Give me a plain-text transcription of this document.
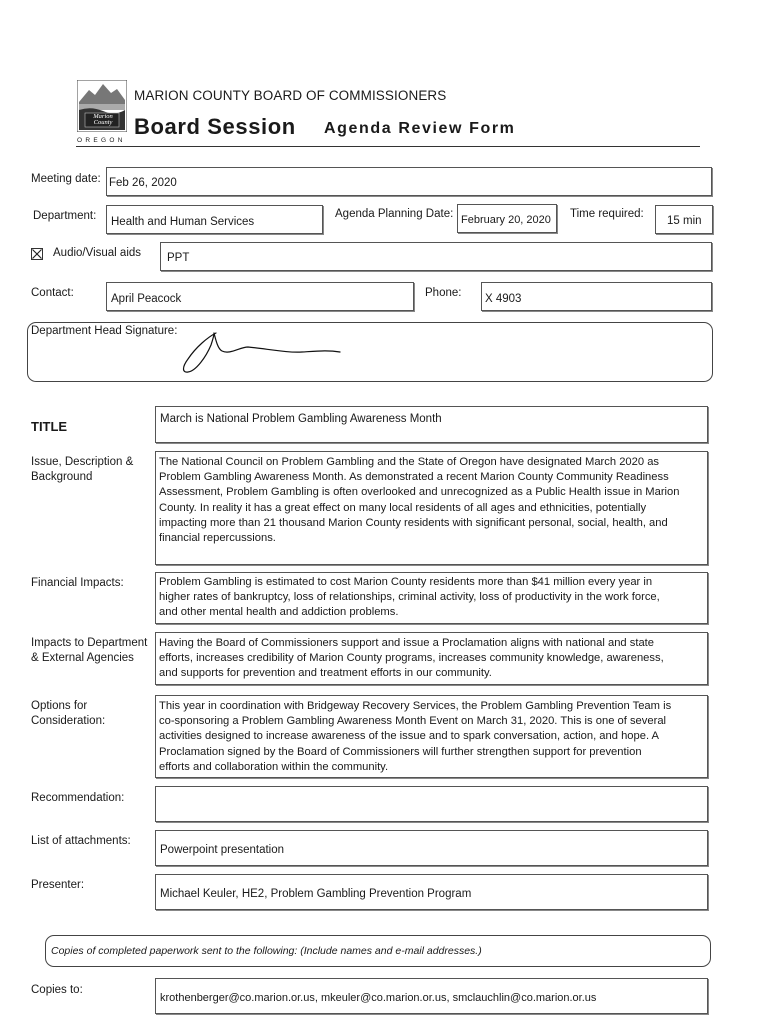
Marion County
OREGON
MARION COUNTY BOARD OF COMMISSIONERS
Board Session Agenda Review Form
Meeting date: Feb 26, 2020
Department: Health and Human Services
Agenda Planning Date: February 20, 2020 Time required:
15 min
Audio/Visual aids PPT
Contact:	April Peacock	Phone: X 4903
Department Head Signature:
TITLE	March is National Problem Gambling Awareness Month
Issue, Description &
Background
The National Council on Problem Gambling and the State of Oregon have designated March 2020 as
Problem Gambling Awareness Month. As demonstrated a recent Marion County Community Readiness
Assessment, Problem Gambling is often overlooked and unrecognized as a Public Health issue in Marion
County. In reality it has a great effect on many local residents of all ages and ethnicities, potentially
impacting more than 21 thousand Marion County residents with significant personal, social, health, and
financial repercussions.
Financial Impacts:	Problem Gambling is estimated to cost Marion County residents more than $41 million every year in
higher rates of bankruptcy, loss of relationships, criminal activity, loss of productivity in the work force,
and other mental health and addiction problems.
Impacts to Department
& External Agencies
Having the Board of Commissioners support and issue a Proclamation aligns with national and state
efforts, increases credibility of Marion County programs, increases community knowledge, awareness,
and supports for prevention and treatment efforts in our community.
Options for
Consideration:
This year in coordination with Bridgeway Recovery Services, the Problem Gambling Prevention Team is
co-sponsoring a Problem Gambling Awareness Month Event on March 31, 2020. This is one of several
activities designed to increase awareness of the issue and to spark conversation, action, and hope. A
Proclamation signed by the Board of Commissioners will further strengthen support for prevention
efforts and collaboration within the community.
Recommendation:
List of attachments:
Powerpoint presentation
Presenter:
Michael Keuler, HE2, Problem Gambling Prevention Program
Copies of completed paperwork sent to the following: (Include names and e-mail addresses.)
Copies to:
krothenberger@co.marion.or.us, mkeuler@co.marion.or.us, smclauchlin@co.marion.or.us
